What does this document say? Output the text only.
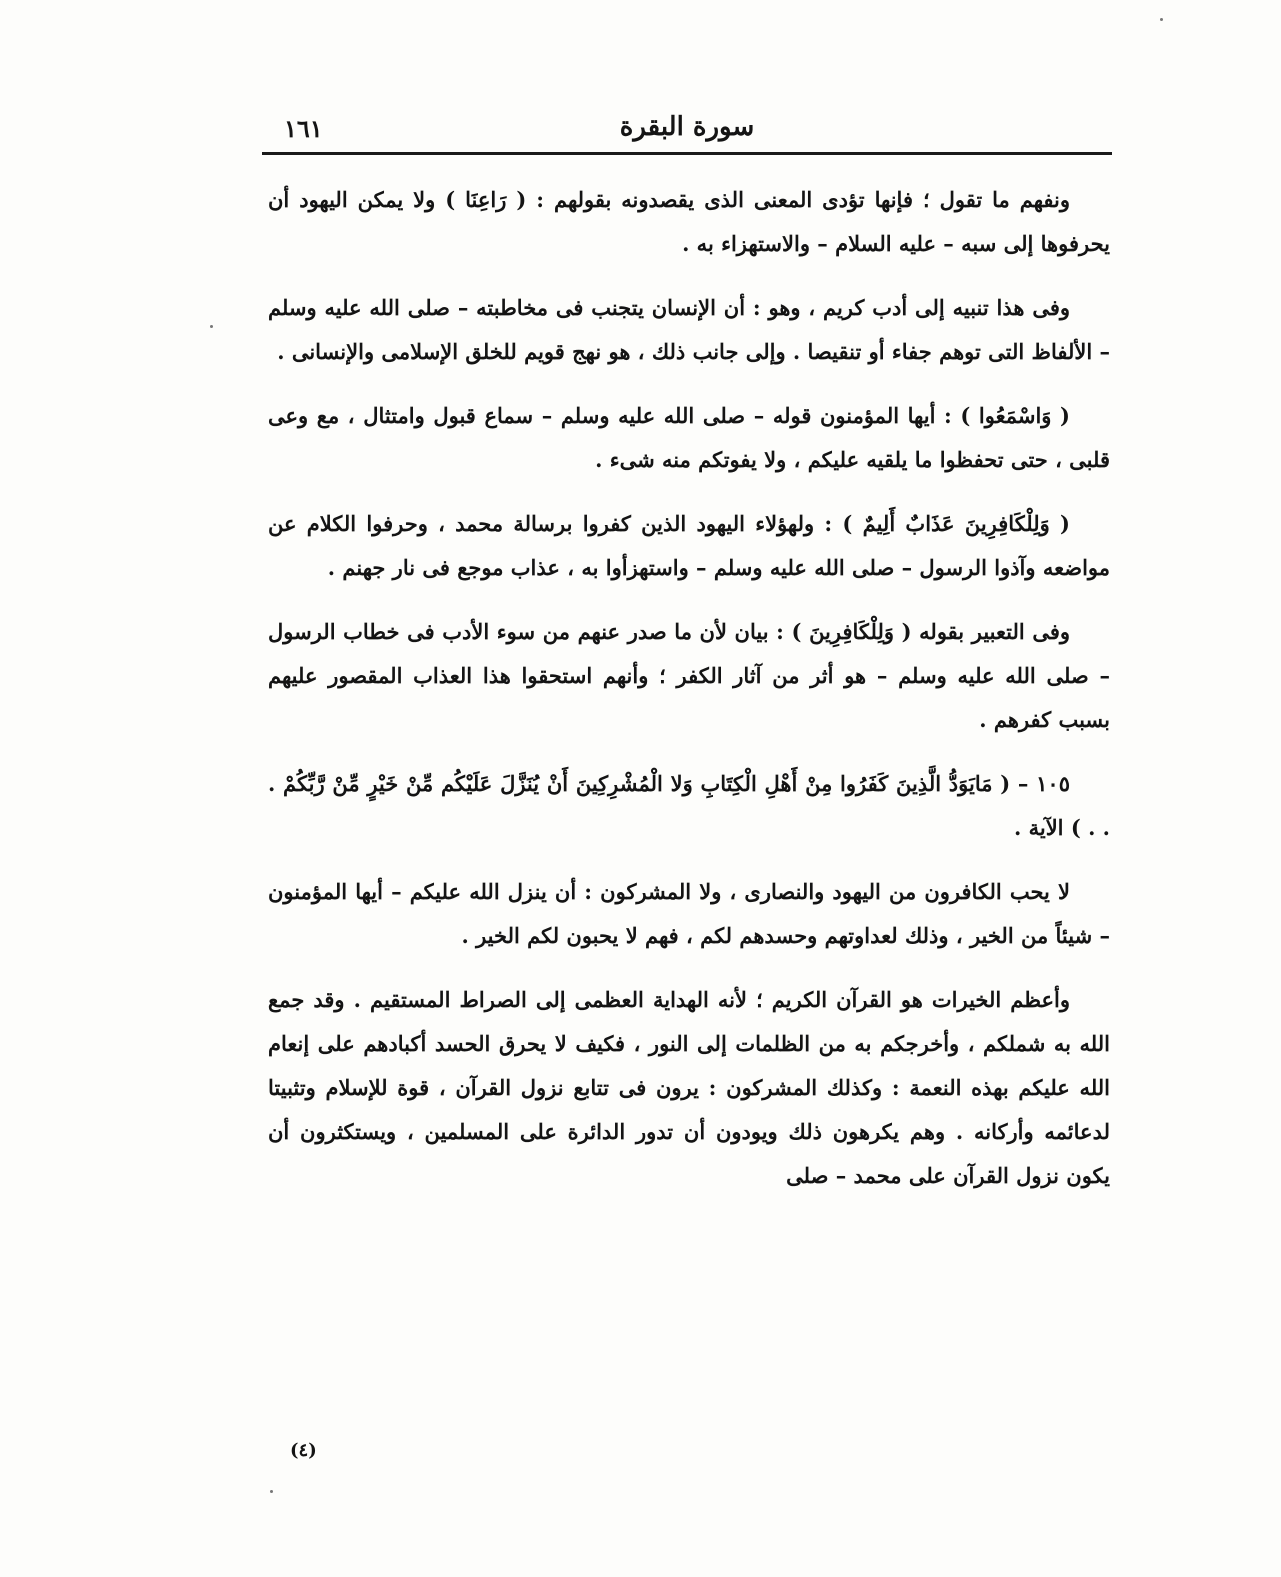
سورة البقرة
١٦١

ونفهم ما تقول ؛ فإنها تؤدى المعنى الذى يقصدونه بقولهم : ( رَاعِنَا ) ولا يمكن اليهود أن يحرفوها إلى سبه – عليه السلام – والاستهزاء به .

وفى هذا تنبيه إلى أدب كريم ، وهو : أن الإنسان يتجنب فى مخاطبته – صلى الله عليه وسلم – الألفاظ التى توهم جفاء أو تنقيصا . وإلى جانب ذلك ، هو نهج قويم للخلق الإسلامى والإنسانى .

( وَاسْمَعُوا ) : أيها المؤمنون قوله – صلى الله عليه وسلم – سماع قبول وامتثال ، مع وعى قلبى ، حتى تحفظوا ما يلقيه عليكم ، ولا يفوتكم منه شىء .

( وَلِلْكَافِرِينَ عَذَابٌ أَلِيمٌ ) : ولهؤلاء اليهود الذين كفروا برسالة محمد ، وحرفوا الكلام عن مواضعه وآذوا الرسول – صلى الله عليه وسلم – واستهزأوا به ، عذاب موجع فى نار جهنم .

وفى التعبير بقوله ( وَلِلْكَافِرِينَ ) : بيان لأن ما صدر عنهم من سوء الأدب فى خطاب الرسول – صلى الله عليه وسلم – هو أثر من آثار الكفر ؛ وأنهم استحقوا هذا العذاب المقصور عليهم بسبب كفرهم .

١٠٥ – ( مَايَوَدُّ الَّذِينَ كَفَرُوا مِنْ أَهْلِ الْكِتَابِ وَلا الْمُشْرِكِينَ أَنْ يُنَزَّلَ عَلَيْكُم مِّنْ خَيْرٍ مِّنْ رَّبِّكُمْ . . . ) الآية .

لا يحب الكافرون من اليهود والنصارى ، ولا المشركون : أن ينزل الله عليكم – أيها المؤمنون – شيئاً من الخير ، وذلك لعداوتهم وحسدهم لكم ، فهم لا يحبون لكم الخير .

وأعظم الخيرات هو القرآن الكريم ؛ لأنه الهداية العظمى إلى الصراط المستقيم . وقد جمع الله به شملكم ، وأخرجكم به من الظلمات إلى النور ، فكيف لا يحرق الحسد أكبادهم على إنعام الله عليكم بهذه النعمة : وكذلك المشركون : يرون فى تتابع نزول القرآن ، قوة للإسلام وتثبيتا لدعائمه وأركانه . وهم يكرهون ذلك ويودون أن تدور الدائرة على المسلمين ، ويستكثرون أن يكون نزول القرآن على محمد – صلى

(٤)
